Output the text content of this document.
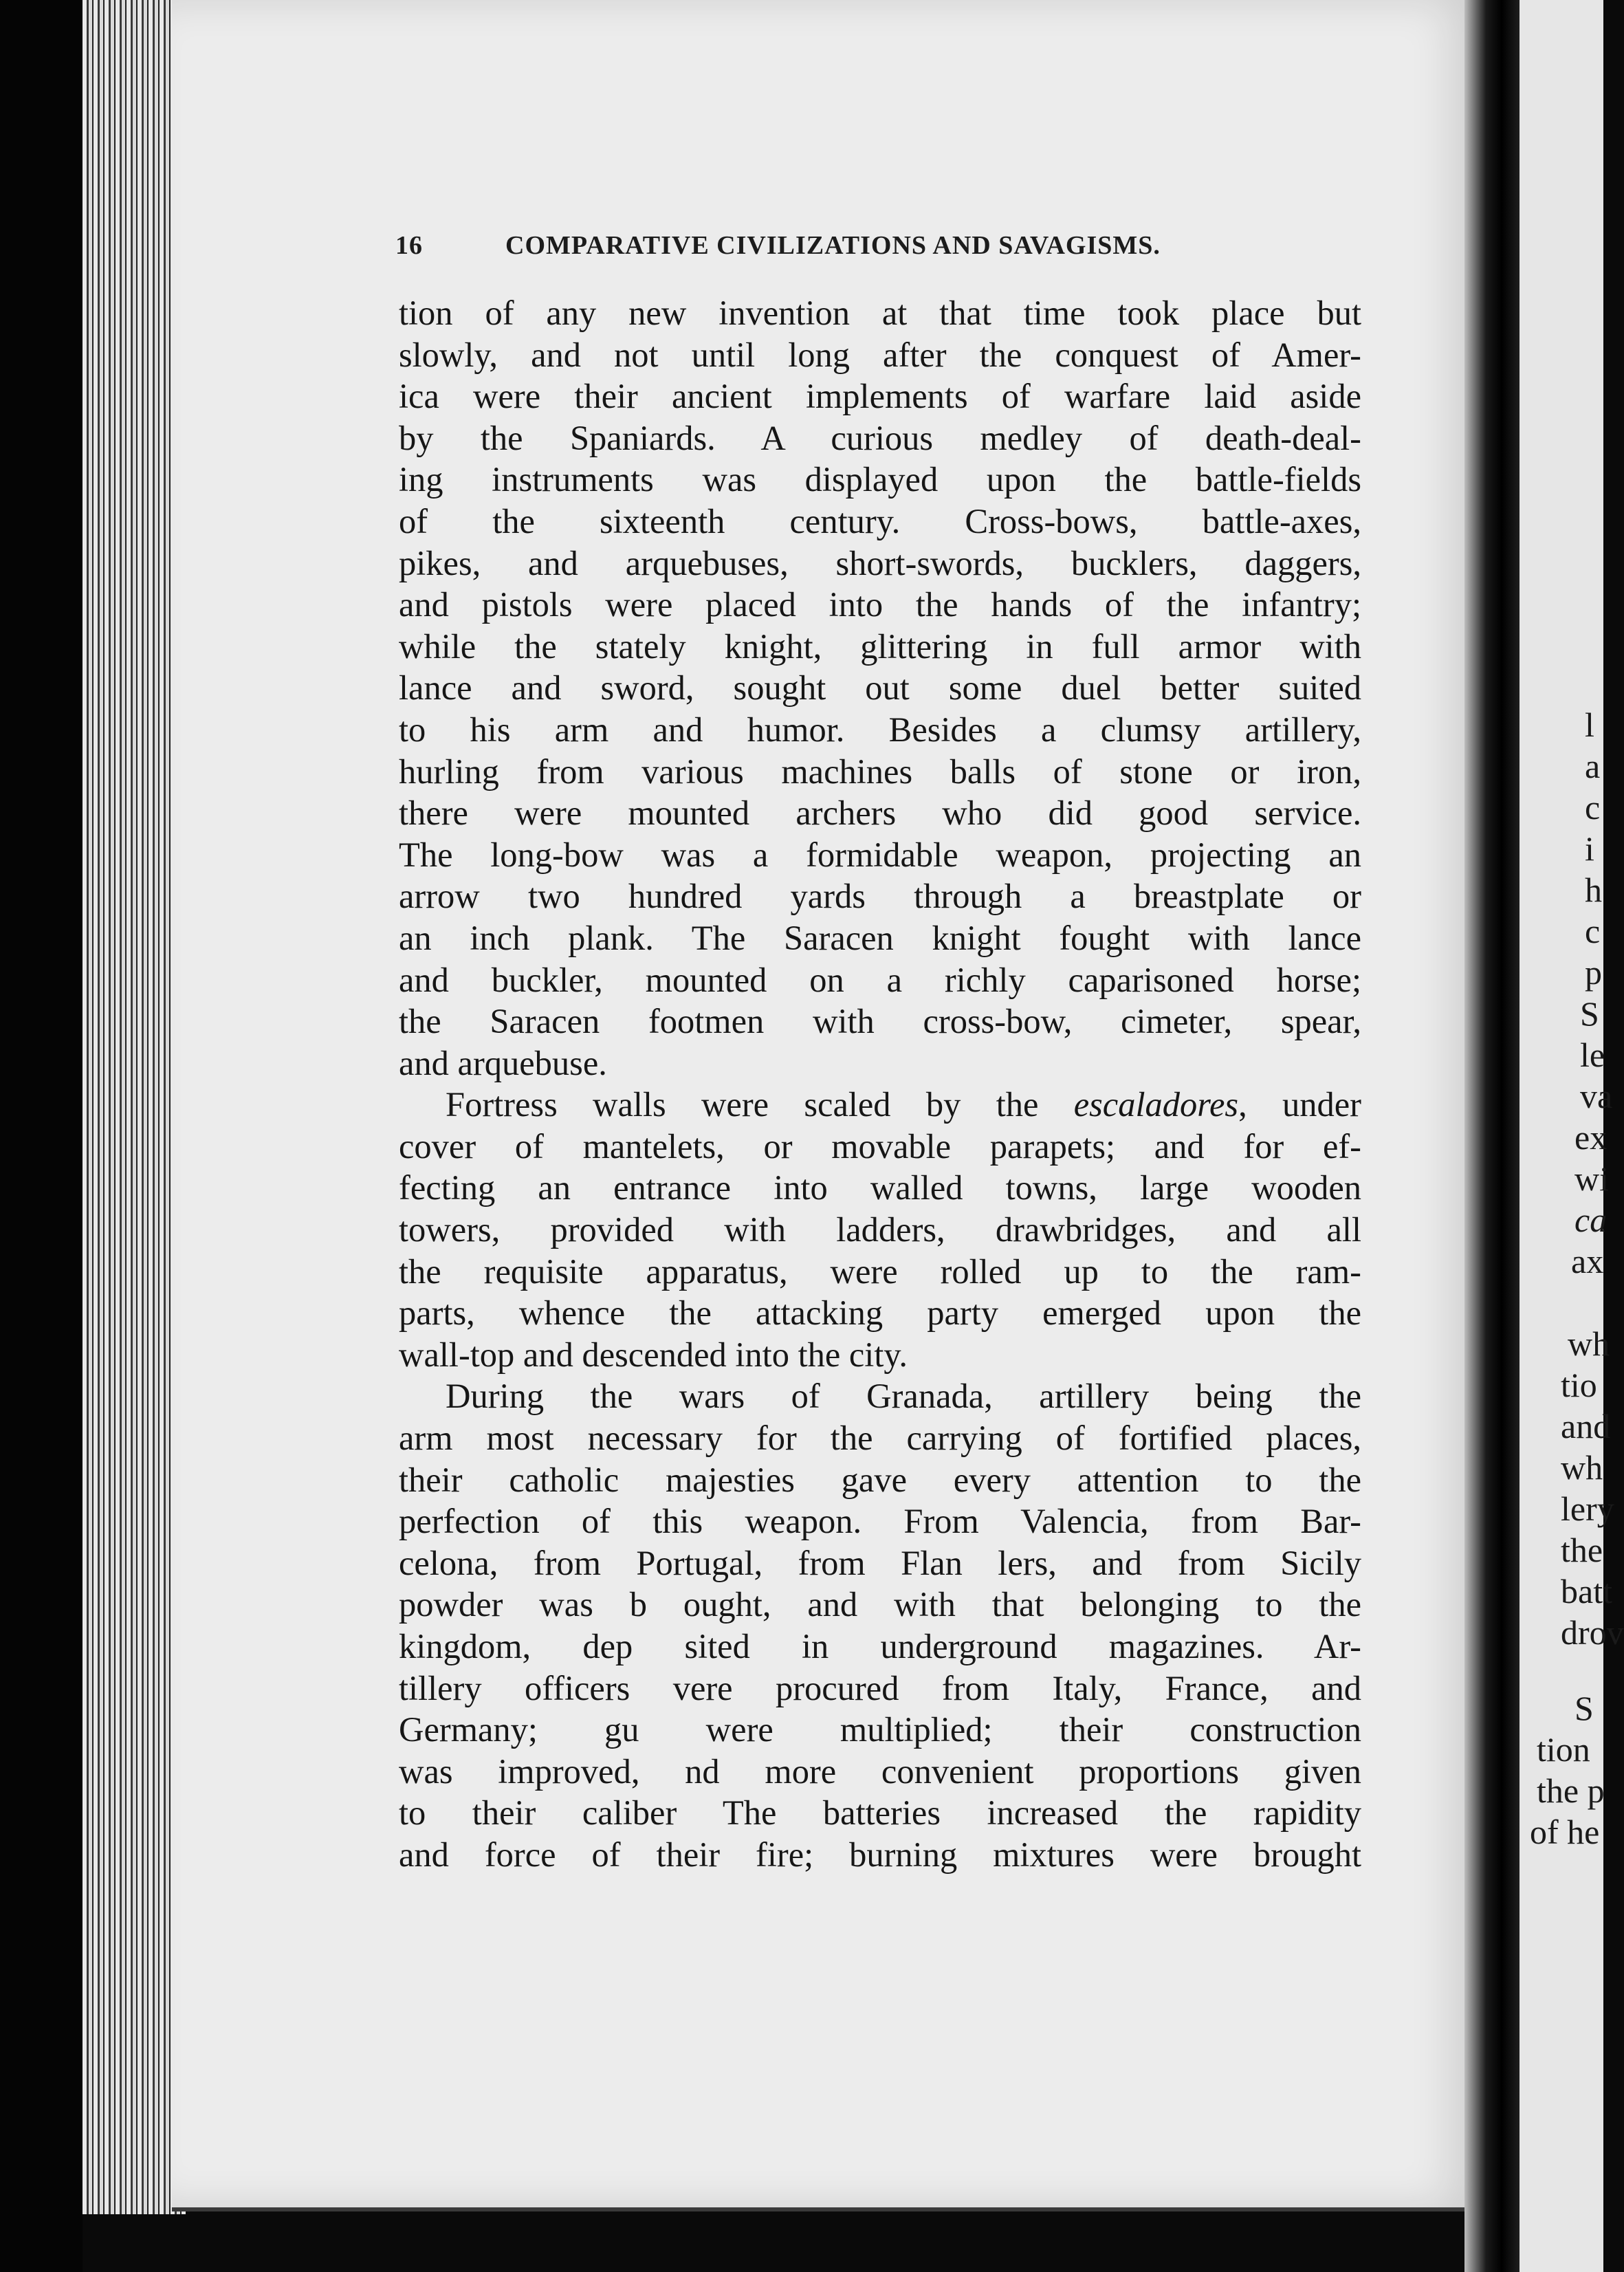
16	COMPARATIVE CIVILIZATIONS AND SAVAGISMS.
tion of any new invention at that time took place but
slowly, and not until long after the conquest of Amer-
ica were their ancient implements of warfare laid aside
by the Spaniards. A curious medley of death-deal-
ing instruments was displayed upon the battle-fields
of the sixteenth century. Cross-bows, battle-axes,
pikes, and arquebuses, short-swords, bucklers, daggers,
and pistols were placed into the hands of the infantry;
while the stately knight, glittering in full armor with
lance and sword, sought out some duel better suited
to his arm and humor. Besides a clumsy artillery,
hurling from various machines balls of stone or iron,
there were mounted archers who did good service.
The long-bow was a formidable weapon, projecting an
arrow two hundred yards through a breastplate or
an inch plank. The Saracen knight fought with lance
and buckler, mounted on a richly caparisoned horse;
the Saracen footmen with cross-bow, cimeter, spear,
and arquebuse.
Fortress walls were scaled by the escaladores, under
cover of mantelets, or movable parapets; and for ef-
fecting an entrance into walled towns, large wooden
towers, provided with ladders, drawbridges, and all
the requisite apparatus, were rolled up to the ram-
parts, whence the attacking party emerged upon the
wall-top and descended into the city.
During the wars of Granada, artillery being the
arm most necessary for the carrying of fortified places,
their catholic majesties gave every attention to the
perfection of this weapon. From Valencia, from Bar-
celona, from Portugal, from Flan lers, and from Sicily
powder was b ought, and with that belonging to the
kingdom, dep sited in underground magazines. Ar-
tillery officers vere procured from Italy, France, and
Germany; gu were multiplied; their construction
was improved, nd more convenient proportions given
to their caliber The batteries increased the rapidity
and force of their fire; burning mixtures were brought
l
a
c
i
h
c
p
S
le
va
ex
wi
ca
ax
wh
tio
and
wh
lery
the
batt
drov
S
tion
the p
of he
